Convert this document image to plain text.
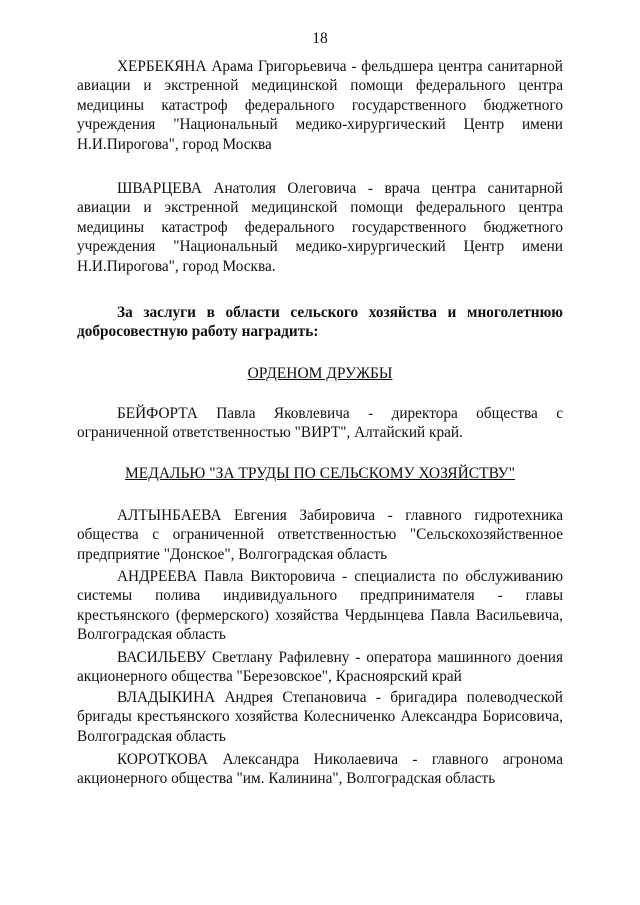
18

ХЕРБЕКЯНА Арама Григорьевича - фельдшера центра санитарной авиации и экстренной медицинской помощи федерального центра медицины катастроф федерального государственного бюджетного учреждения "Национальный медико-хирургический Центр имени Н.И.Пирогова", город Москва

ШВАРЦЕВА Анатолия Олеговича - врача центра санитарной авиации и экстренной медицинской помощи федерального центра медицины катастроф федерального государственного бюджетного учреждения "Национальный медико-хирургический Центр имени Н.И.Пирогова", город Москва.

За заслуги в области сельского хозяйства и многолетнюю добросовестную работу наградить:

ОРДЕНОМ ДРУЖБЫ

БЕЙФОРТА Павла Яковлевича - директора общества с ограниченной ответственностью "ВИРТ", Алтайский край.

МЕДАЛЬЮ "ЗА ТРУДЫ ПО СЕЛЬСКОМУ ХОЗЯЙСТВУ"

АЛТЫНБАЕВА Евгения Забировича - главного гидротехника общества с ограниченной ответственностью "Сельскохозяйственное предприятие "Донское", Волгоградская область

АНДРЕЕВА Павла Викторовича - специалиста по обслуживанию системы полива индивидуального предпринимателя - главы крестьянского (фермерского) хозяйства Чердынцева Павла Васильевича, Волгоградская область

ВАСИЛЬЕВУ Светлану Рафилевну - оператора машинного доения акционерного общества "Березовское", Красноярский край

ВЛАДЫКИНА Андрея Степановича - бригадира полеводческой бригады крестьянского хозяйства Колесниченко Александра Борисовича, Волгоградская область

КОРОТКОВА Александра Николаевича - главного агронома акционерного общества "им. Калинина", Волгоградская область
